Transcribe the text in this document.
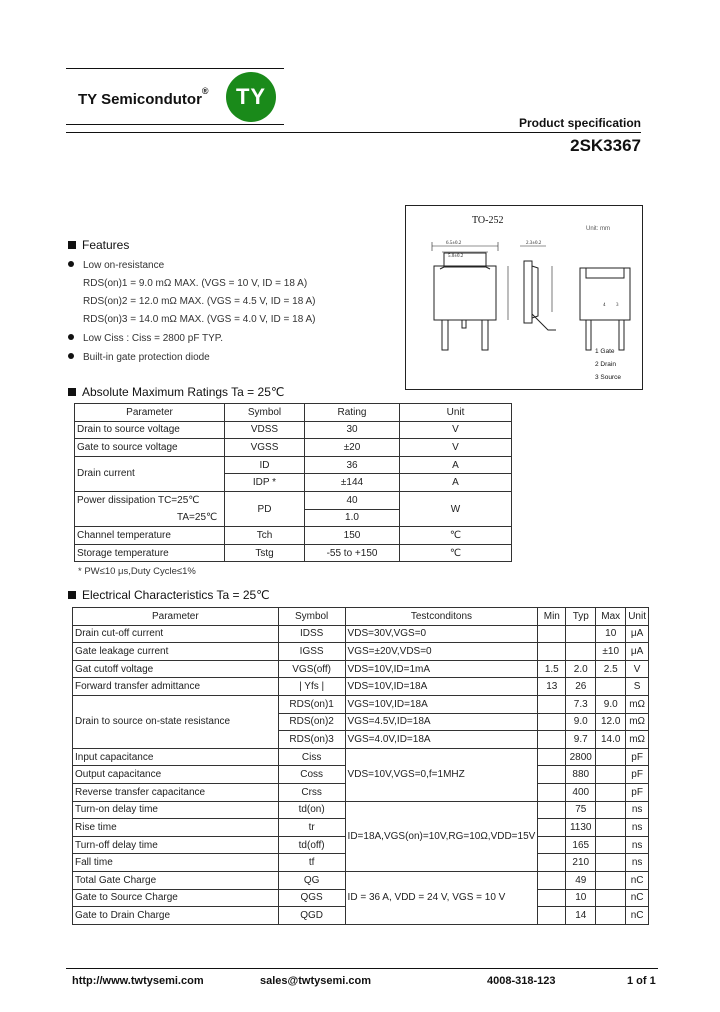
TY Semicondutor® TY
Product specification
2SK3367
TO-252
Unit: mm
6.5±0.2
5.0±0.2
2.3±0.2
4 3
1 Gate
2 Drain
3 Source
Features
Low on-resistance
RDS(on)1 = 9.0 mΩ MAX. (VGS = 10 V, ID = 18 A)
RDS(on)2 = 12.0 mΩ MAX. (VGS = 4.5 V, ID = 18 A)
RDS(on)3 = 14.0 mΩ MAX. (VGS = 4.0 V, ID = 18 A)
Low Ciss : Ciss = 2800 pF TYP.
Built-in gate protection diode
Absolute Maximum Ratings Ta = 25℃
Parameter	Symbol	Rating	Unit
Drain to source voltage	VDSS	30	V
Gate to source voltage	VGSS	±20	V
Drain current	ID	36	A
	IDP *	±144	A
Power dissipation TC=25℃	PD	40	W
TA=25℃		1.0	
Channel temperature	Tch	150	℃
Storage temperature	Tstg	-55 to +150	℃
* PW≤10 μs,Duty Cycle≤1%
Electrical Characteristics Ta = 25℃
Parameter	Symbol	Testconditons	Min	Typ	Max	Unit
Drain cut-off current	IDSS	VDS=30V,VGS=0			10	μA
Gate leakage current	IGSS	VGS=±20V,VDS=0			±10	μA
Gat cutoff voltage	VGS(off)	VDS=10V,ID=1mA	1.5	2.0	2.5	V
Forward transfer admittance	| Yfs |	VDS=10V,ID=18A	13	26		S
Drain to source on-state resistance	RDS(on)1	VGS=10V,ID=18A		7.3	9.0	mΩ
	RDS(on)2	VGS=4.5V,ID=18A		9.0	12.0	mΩ
	RDS(on)3	VGS=4.0V,ID=18A		9.7	14.0	mΩ
Input capacitance	Ciss	VDS=10V,VGS=0,f=1MHZ		2800		pF
Output capacitance	Coss			880		pF
Reverse transfer capacitance	Crss			400		pF
Turn-on delay time	td(on)	ID=18A,VGS(on)=10V,RG=10Ω,VDD=15V		75		ns
Rise time	tr			1130		ns
Turn-off delay time	td(off)			165		ns
Fall time	tf			210		ns
Total Gate Charge	QG	ID = 36 A, VDD = 24 V, VGS = 10 V		49		nC
Gate to Source Charge	QGS			10		nC
Gate to Drain Charge	QGD			14		nC
http://www.twtysemi.com	sales@twtysemi.com	4008-318-123	1 of 1
